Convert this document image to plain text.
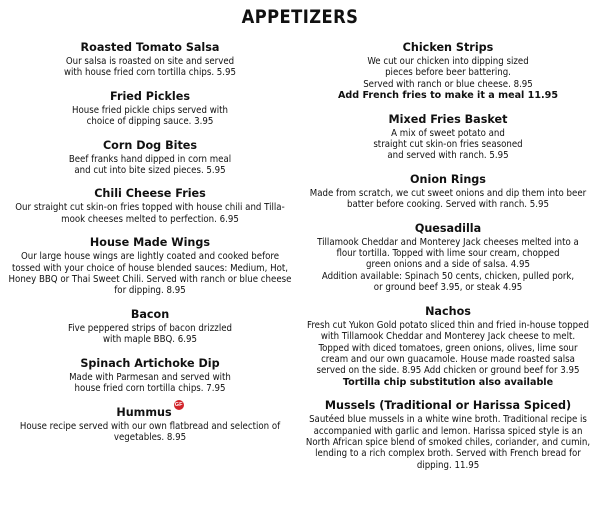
APPETIZERS
Roasted Tomato Salsa
Our salsa is roasted on site and served
with house fried corn tortilla chips. 5.95
Fried Pickles
House fried pickle chips served with
choice of dipping sauce. 3.95
Corn Dog Bites
Beef franks hand dipped in corn meal
and cut into bite sized pieces. 5.95
Chili Cheese Fries
Our straight cut skin-on fries topped with house chili and Tilla-
mook cheeses melted to perfection. 6.95
House Made Wings
Our large house wings are lightly coated and cooked before
tossed with your choice of house blended sauces: Medium, Hot,
Honey BBQ or Thai Sweet Chili. Served with ranch or blue cheese
for dipping. 8.95
Bacon
Five peppered strips of bacon drizzled
with maple BBQ. 6.95
Spinach Artichoke Dip
Made with Parmesan and served with
house fried corn tortilla chips. 7.95
HummusGF
House recipe served with our own flatbread and selection of
vegetables. 8.95
Chicken Strips
We cut our chicken into dipping sized
pieces before beer battering.
Served with ranch or blue cheese. 8.95
Add French fries to make it a meal 11.95
Mixed Fries Basket
A mix of sweet potato and
straight cut skin-on fries seasoned
and served with ranch. 5.95
Onion Rings
Made from scratch, we cut sweet onions and dip them into beer
batter before cooking. Served with ranch. 5.95
Quesadilla
Tillamook Cheddar and Monterey Jack cheeses melted into a
flour tortilla. Topped with lime sour cream, chopped
green onions and a side of salsa. 4.95
Addition available: Spinach 50 cents, chicken, pulled pork,
or ground beef 3.95, or steak 4.95
Nachos
Fresh cut Yukon Gold potato sliced thin and fried in-house topped
with Tillamook Cheddar and Monterey Jack cheese to melt.
Topped with diced tomatoes, green onions, olives, lime sour
cream and our own guacamole. House made roasted salsa
served on the side. 8.95 Add chicken or ground beef for 3.95
Tortilla chip substitution also available
Mussels (Traditional or Harissa Spiced)
Sautéed blue mussels in a white wine broth. Traditional recipe is
accompanied with garlic and lemon. Harissa spiced style is an
North African spice blend of smoked chiles, coriander, and cumin,
lending to a rich complex broth. Served with French bread for
dipping. 11.95
